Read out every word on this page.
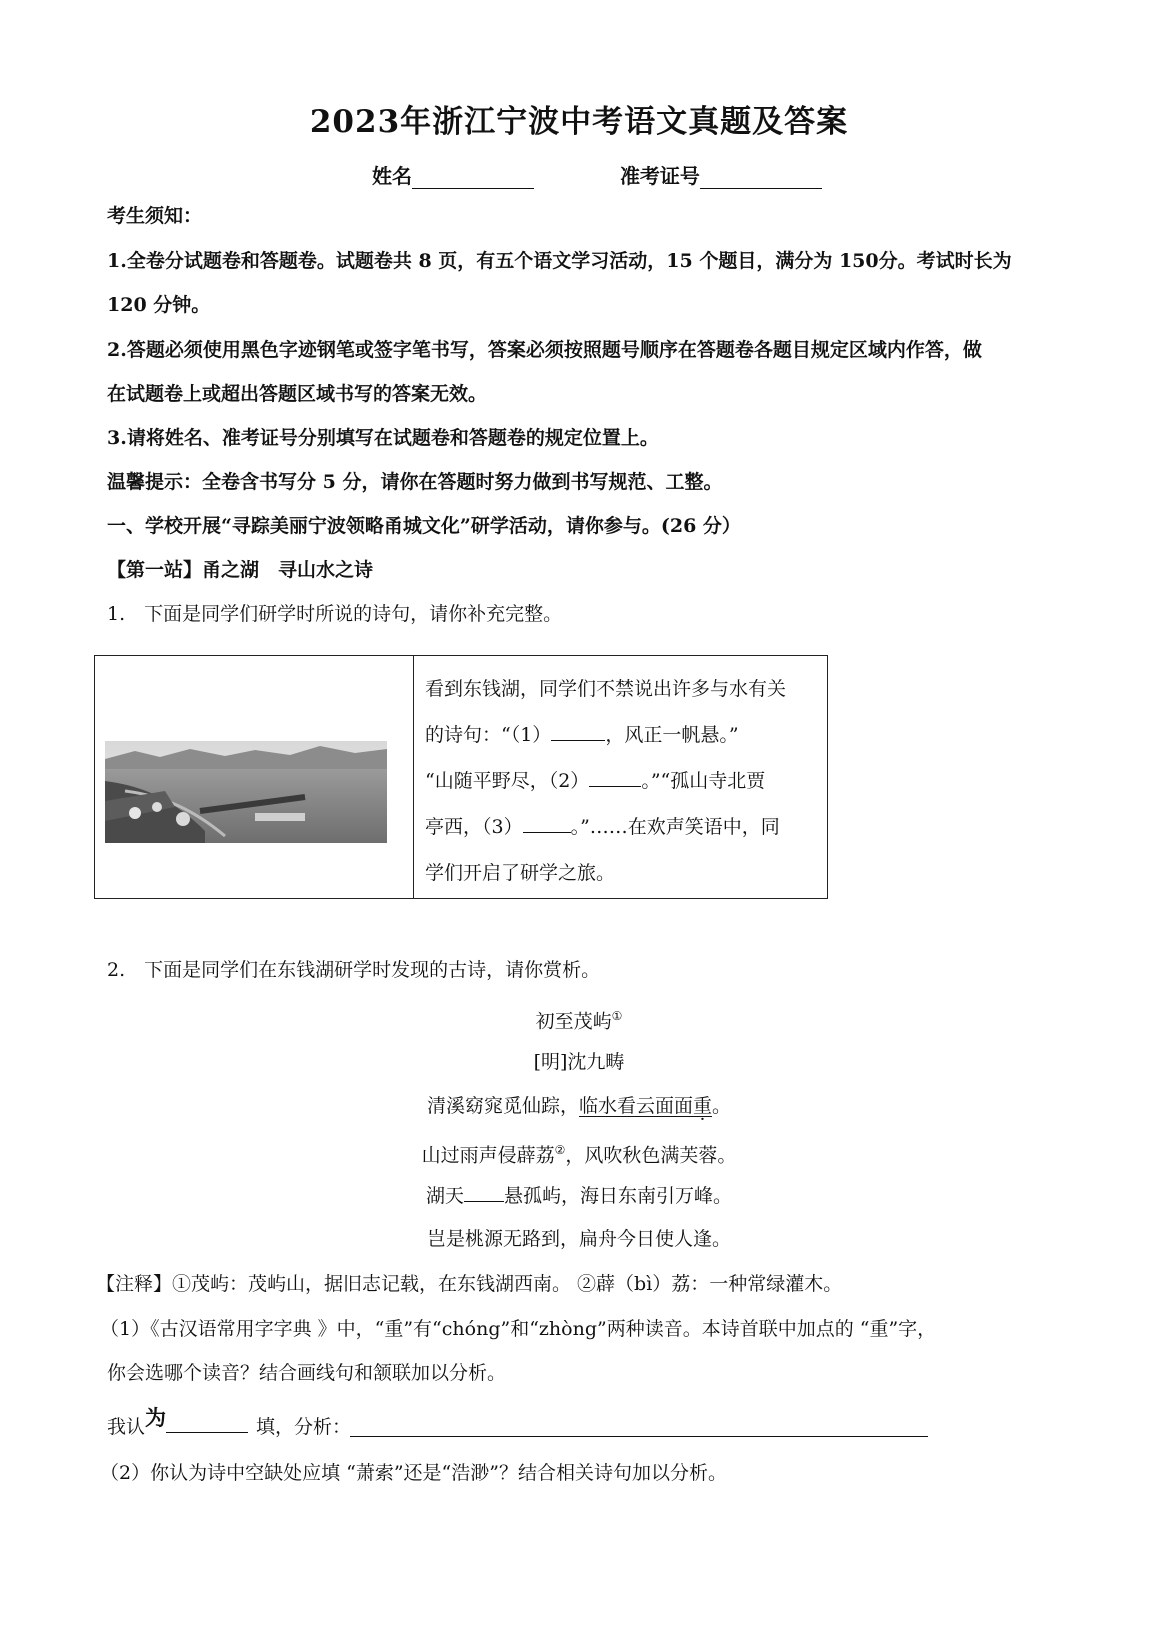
2023年浙江宁波中考语文真题及答案
姓名	准考证号
考生须知：
1.全卷分试题卷和答题卷。试题卷共 8 页，有五个语文学习活动，15 个题目，满分为 150分。考试时长为
120 分钟。
2.答题必须使用黑色字迹钢笔或签字笔书写，答案必须按照题号顺序在答题卷各题目规定区域内作答，做
在试题卷上或超出答题区域书写的答案无效。
3.请将姓名、准考证号分别填写在试题卷和答题卷的规定位置上。
温馨提示：全卷含书写分 5 分，请你在答题时努力做到书写规范、工整。
一、学校开展“寻踪美丽宁波领略甬城文化”研学活动，请你参与。(26 分）
【第一站】甬之湖　寻山水之诗
1.　下面是同学们研学时所说的诗句，请你补充完整。
看到东钱湖，同学们不禁说出许多与水有关
的诗句：“（1）	，风正一帆悬。”
“山随平野尽，（2）	。”“孤山寺北贾
亭西，（3）	。”……在欢声笑语中，同
学们开启了研学之旅。
2.　下面是同学们在东钱湖研学时发现的古诗，请你赏析。
初至茂屿①
[明]沈九畴
清溪窈窕觅仙踪，临水看云面面重。
山过雨声侵薜荔②，风吹秋色满芙蓉。
湖天 悬孤屿，海日东南引万峰。
岂是桃源无路到，扁舟今日使人逢。
【注释】①茂屿：茂屿山，据旧志记载，在东钱湖西南。 ②薜（bì）荔：一种常绿灌木。
（1）《古汉语常用字字典 》中，“重”有“chóng”和“zhòng”两种读音。本诗首联中加点的 “重”字，
你会选哪个读音？结合画线句和颔联加以分析。
我认为	填，分析：
（2）你认为诗中空缺处应填 “萧索”还是“浩渺”？结合相关诗句加以分析。
